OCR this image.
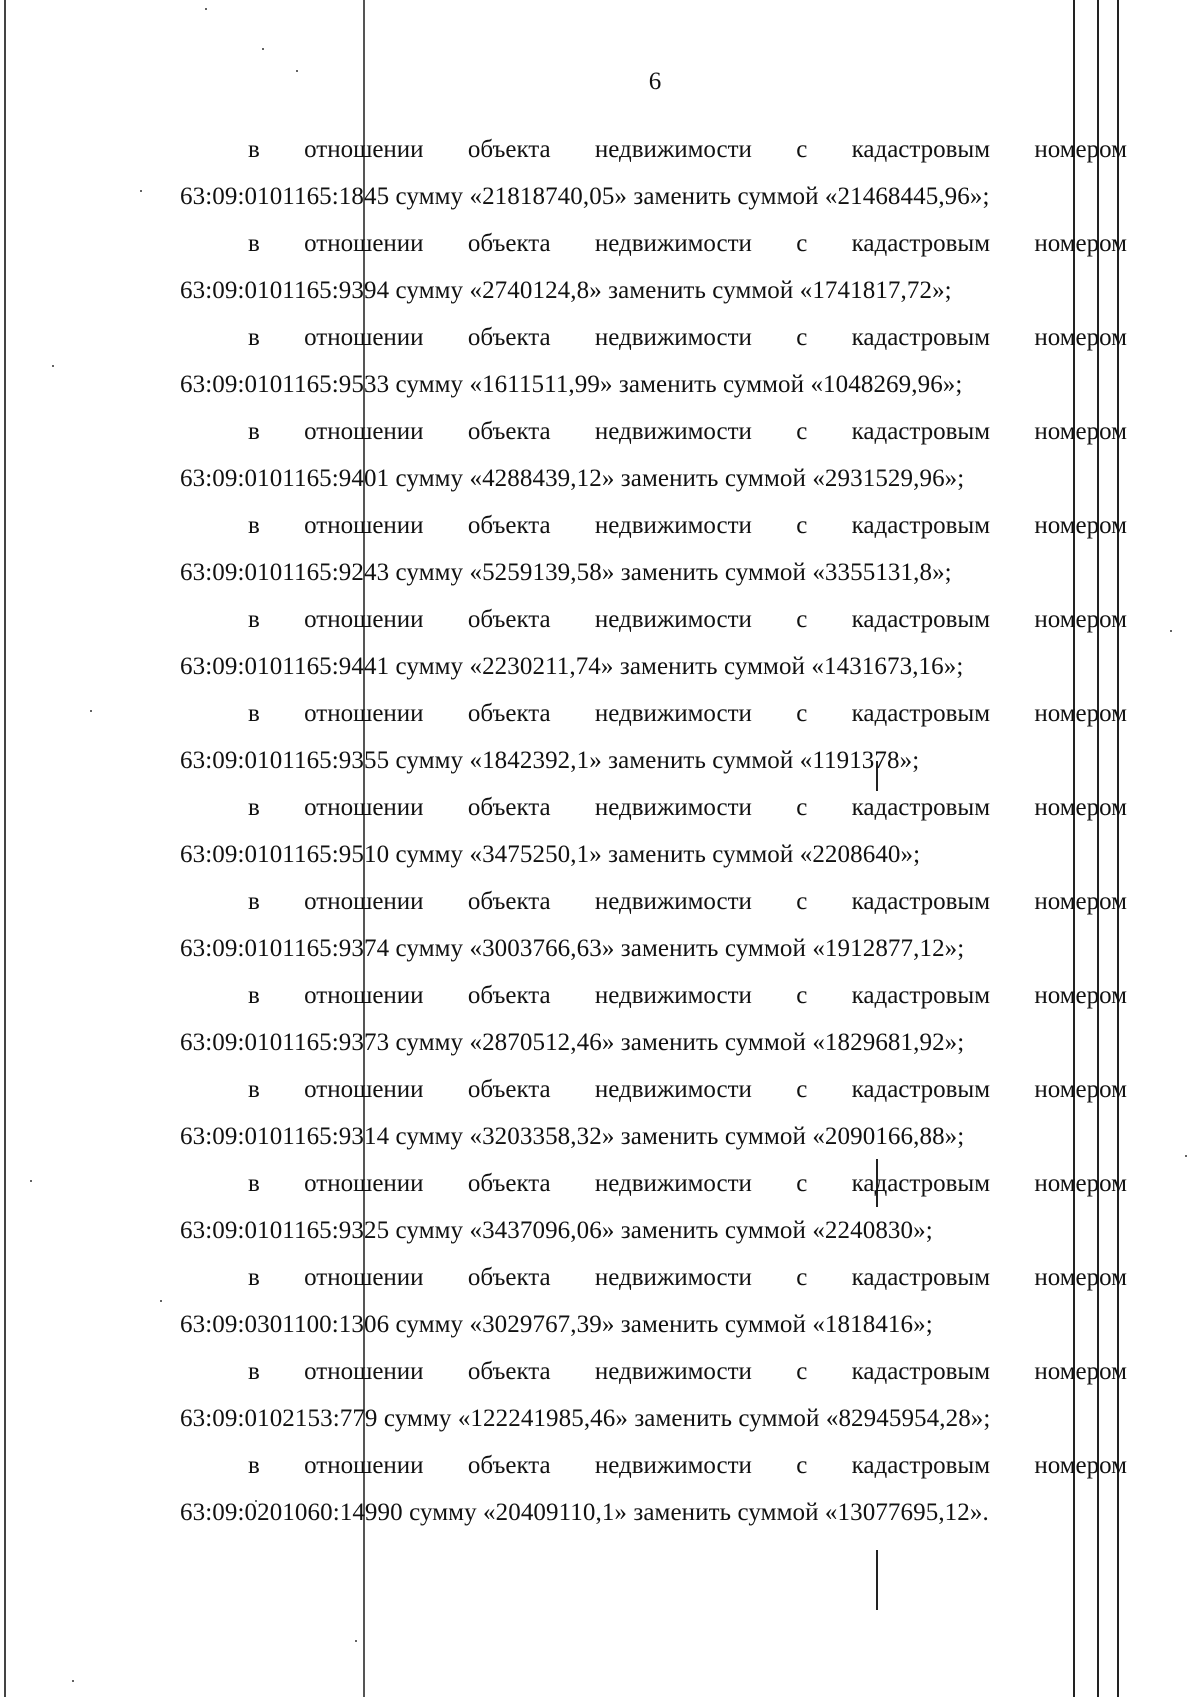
6
в отношении объекта недвижимости с кадастровым номером
63:09:0101165:1845 сумму «21818740,05» заменить суммой «21468445,96»;
в отношении объекта недвижимости с кадастровым номером
63:09:0101165:9394 сумму «2740124,8» заменить суммой «1741817,72»;
в отношении объекта недвижимости с кадастровым номером
63:09:0101165:9533 сумму «1611511,99» заменить суммой «1048269,96»;
в отношении объекта недвижимости с кадастровым номером
63:09:0101165:9401 сумму «4288439,12» заменить суммой «2931529,96»;
в отношении объекта недвижимости с кадастровым номером
63:09:0101165:9243 сумму «5259139,58» заменить суммой «3355131,8»;
в отношении объекта недвижимости с кадастровым номером
63:09:0101165:9441 сумму «2230211,74» заменить суммой «1431673,16»;
в отношении объекта недвижимости с кадастровым номером
63:09:0101165:9355 сумму «1842392,1» заменить суммой «1191378»;
в отношении объекта недвижимости с кадастровым номером
63:09:0101165:9510 сумму «3475250,1» заменить суммой «2208640»;
в отношении объекта недвижимости с кадастровым номером
63:09:0101165:9374 сумму «3003766,63» заменить суммой «1912877,12»;
в отношении объекта недвижимости с кадастровым номером
63:09:0101165:9373 сумму «2870512,46» заменить суммой «1829681,92»;
в отношении объекта недвижимости с кадастровым номером
63:09:0101165:9314 сумму «3203358,32» заменить суммой «2090166,88»;
в отношении объекта недвижимости с кадастровым номером
63:09:0101165:9325 сумму «3437096,06» заменить суммой «2240830»;
в отношении объекта недвижимости с кадастровым номером
63:09:0301100:1306 сумму «3029767,39» заменить суммой «1818416»;
в отношении объекта недвижимости с кадастровым номером
63:09:0102153:779 сумму «122241985,46» заменить суммой «82945954,28»;
в отношении объекта недвижимости с кадастровым номером
63:09:0201060:14990 сумму «20409110,1» заменить суммой «13077695,12».
